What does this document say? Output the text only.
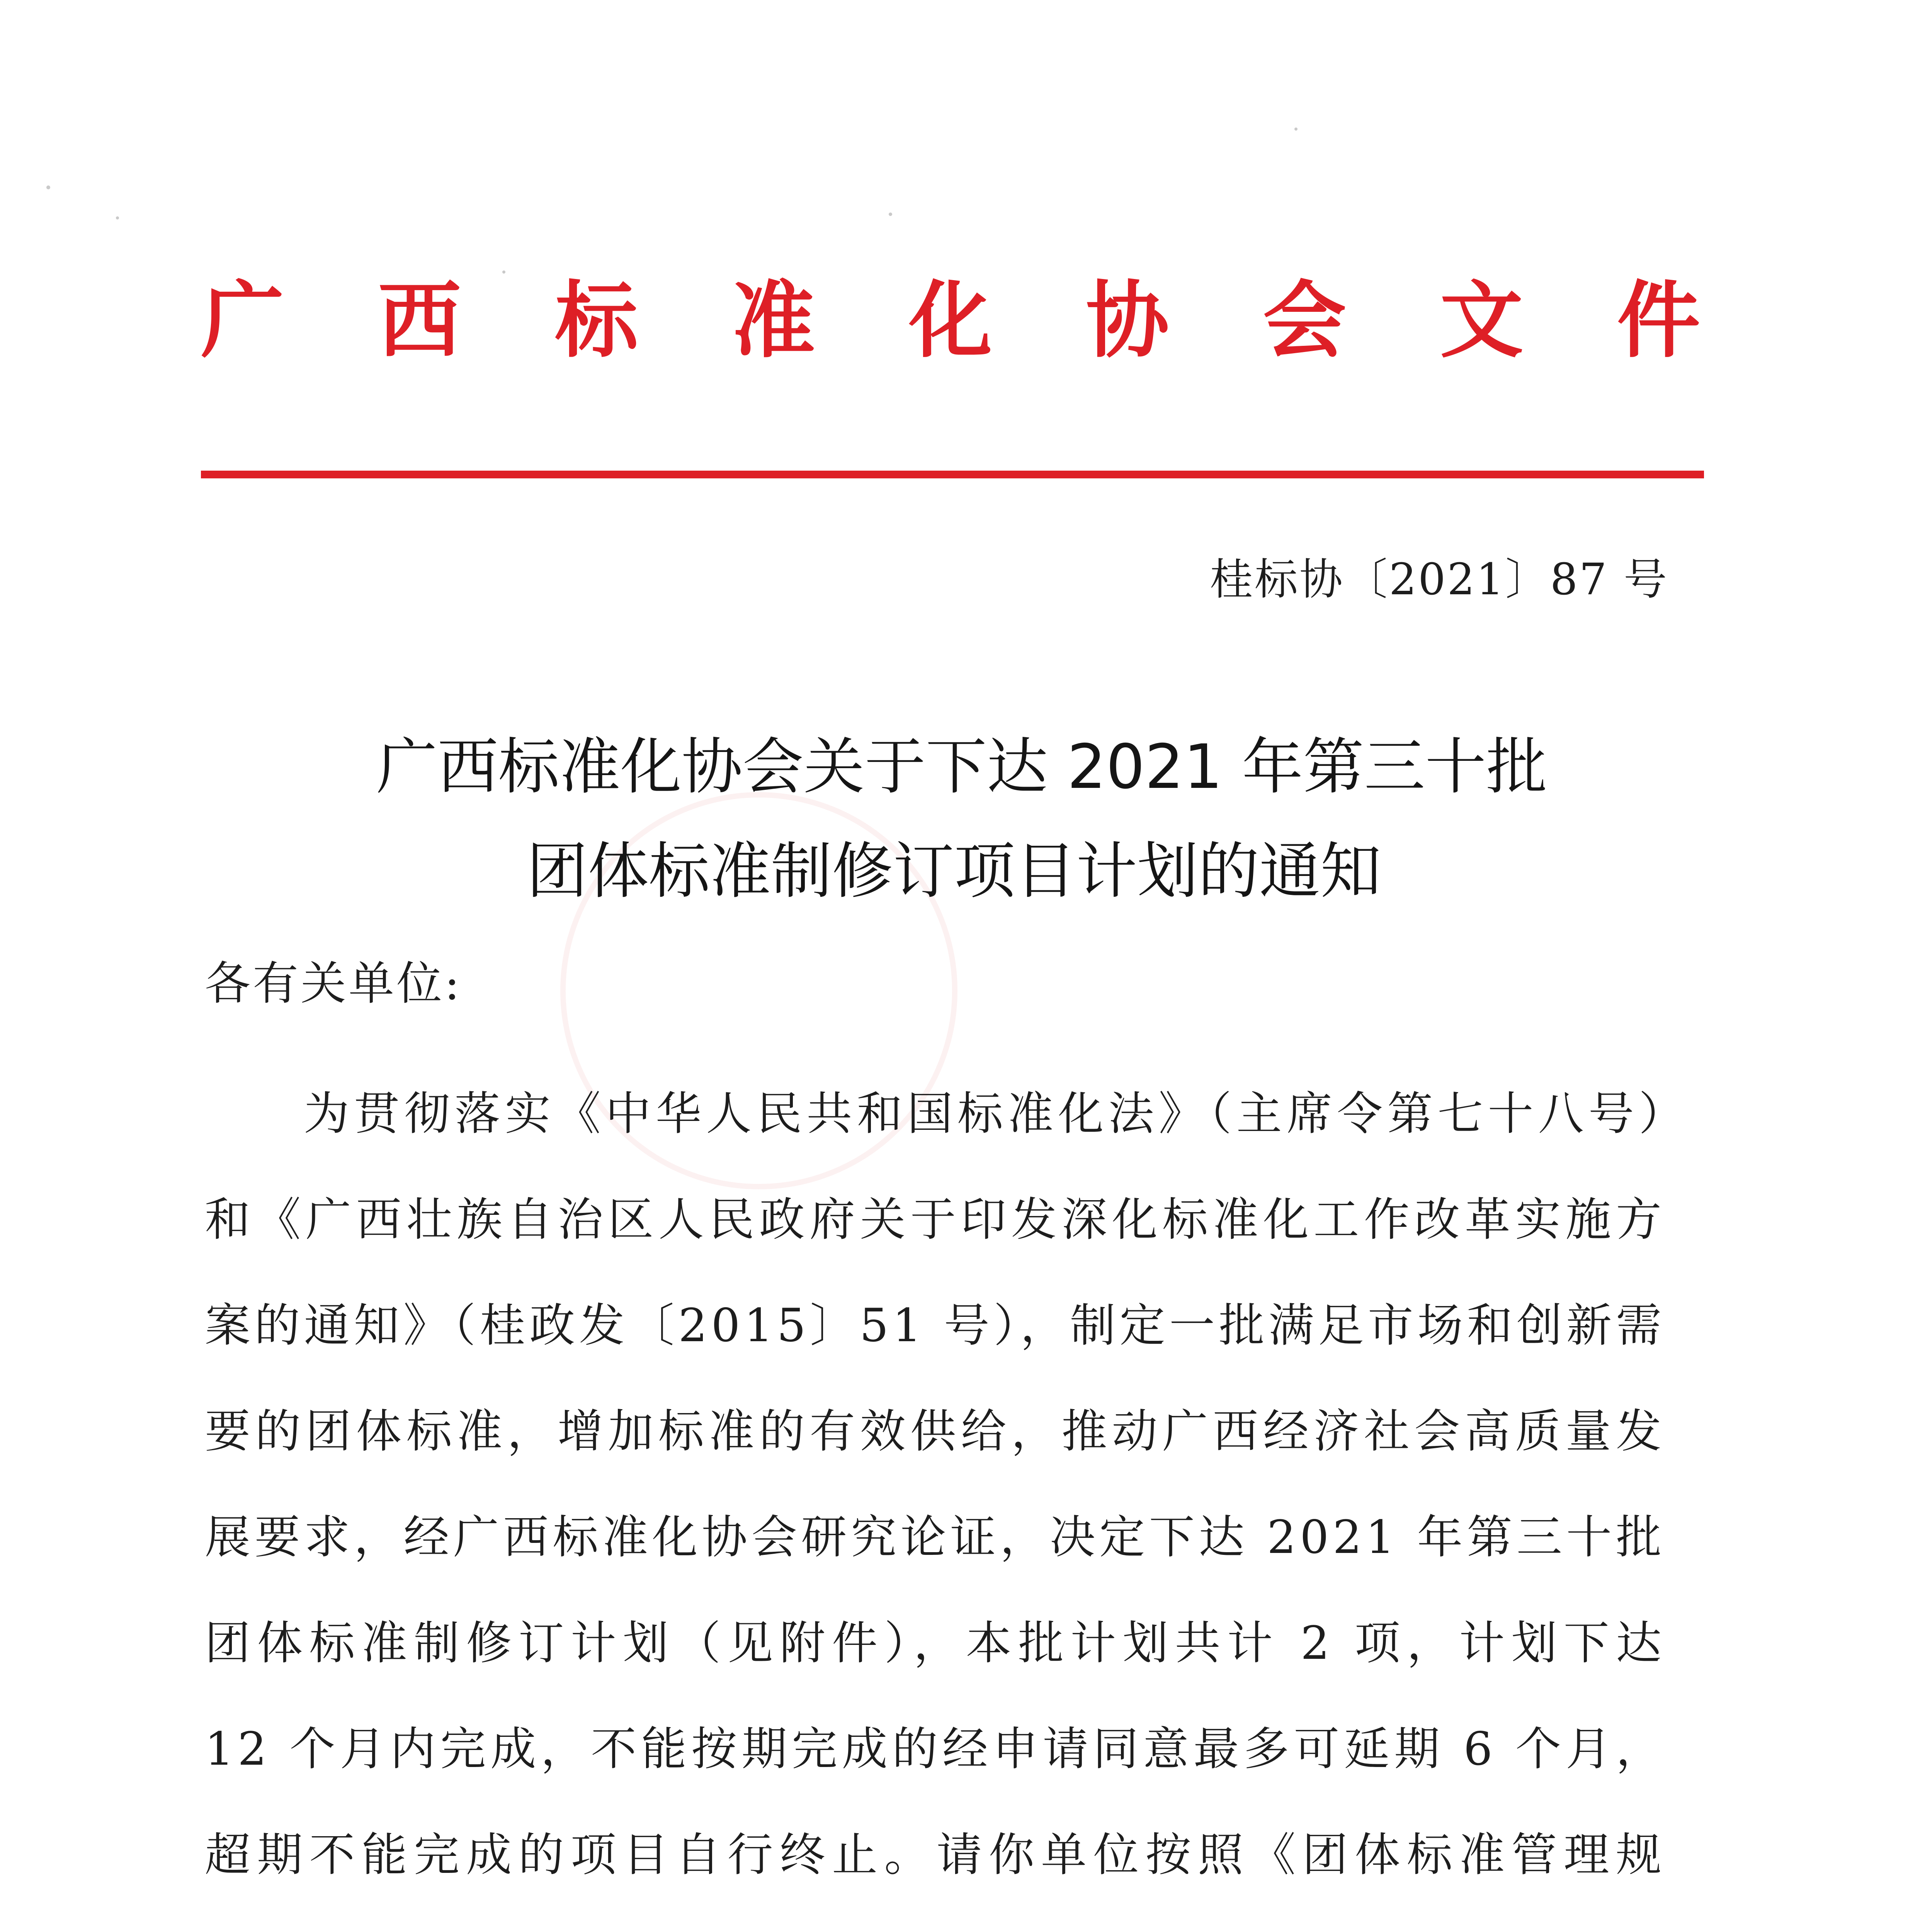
广 西 标 准 化 协 会 文 件
桂标协〔2021〕87 号
广西标准化协会关于下达 2021 年第三十批
团体标准制修订项目计划的通知
各有关单位:
为贯彻落实《中华人民共和国标准化法》（主席令第七十八号）和《广西壮族自治区人民政府关于印发深化标准化工作改革实施方案的通知》（桂政发〔2015〕51 号），制定一批满足市场和创新需要的团体标准，增加标准的有效供给，推动广西经济社会高质量发展要求，经广西标准化协会研究论证，决定下达 2021 年第三十批团体标准制修订计划（见附件），本批计划共计 2 项，计划下达 12 个月内完成，不能按期完成的经申请同意最多可延期 6 个月，超期不能完成的项目自行终止。请你单位按照《团体标准管理规
